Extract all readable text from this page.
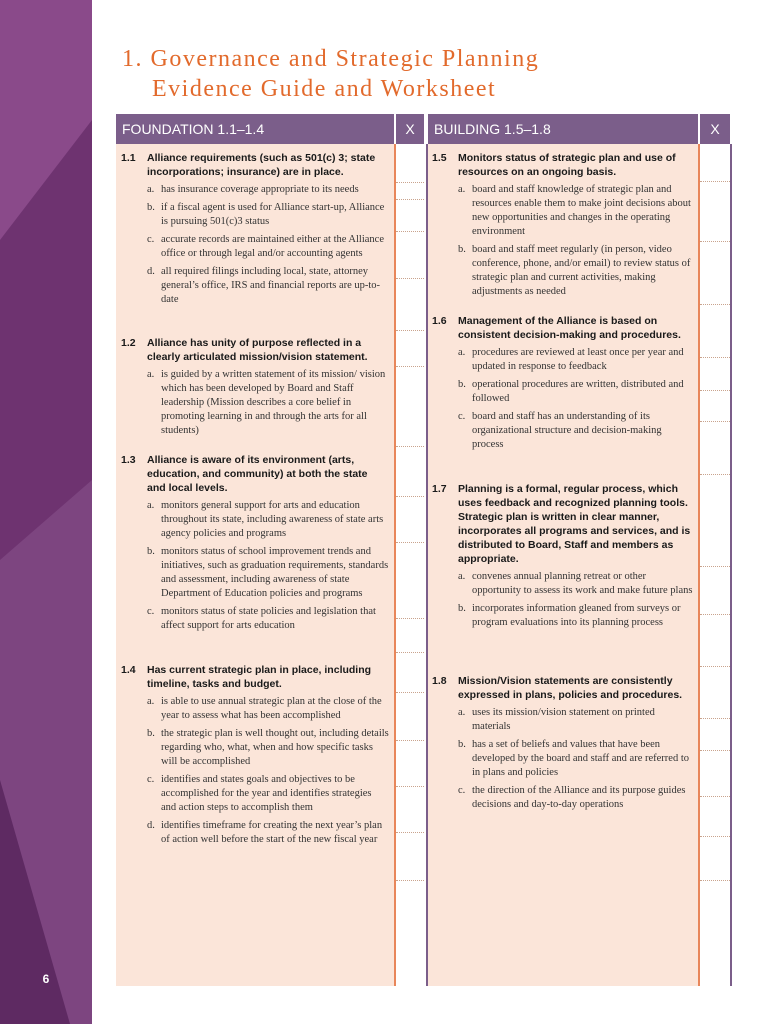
6
1. Governance and Strategic Planning
Evidence Guide and Worksheet
FOUNDATION 1.1–1.4	X	BUILDING 1.5–1.8	X
1.1	Alliance requirements (such as 501(c) 3; state incorporations; insurance) are in place.
a. has insurance coverage appropriate to its needs
b. if a fiscal agent is used for Alliance start-up, Alliance is pursuing 501(c)3 status
c. accurate records are maintained either at the Alliance office or through legal and/or accounting agents
d. all required filings including local, state, attorney general’s office, IRS and financial reports are up-to-date
1.2	Alliance has unity of purpose reflected in a clearly articulated mission/vision statement.
a. is guided by a written statement of its mission/ vision which has been developed by Board and Staff leadership (Mission describes a core belief in promoting learning in and through the arts for all students)
1.3	Alliance is aware of its environment (arts, education, and community) at both the state and local levels.
a. monitors general support for arts and education throughout its state, including awareness of state arts agency policies and programs
b. monitors status of school improvement trends and initiatives, such as graduation requirements, standards and assessment, including awareness of state Department of Education policies and programs
c. monitors status of state policies and legislation that affect support for arts education
1.4	Has current strategic plan in place, including timeline, tasks and budget.
a. is able to use annual strategic plan at the close of the year to assess what has been accomplished
b. the strategic plan is well thought out, including details regarding who, what, when and how specific tasks will be accomplished
c. identifies and states goals and objectives to be accomplished for the year and identifies strategies and action steps to accomplish them
d. identifies timeframe for creating the next year’s plan of action well before the start of the new fiscal year
1.5	Monitors status of strategic plan and use of resources on an ongoing basis.
a. board and staff knowledge of strategic plan and resources enable them to make joint decisions about new opportunities and changes in the operating environment
b. board and staff meet regularly (in person, video conference, phone, and/or email) to review status of strategic plan and current activities, making adjustments as needed
1.6	Management of the Alliance is based on consistent decision-making and procedures.
a. procedures are reviewed at least once per year and updated in response to feedback
b. operational procedures are written, distributed and followed
c. board and staff has an understanding of its organizational structure and decision-making process
1.7	Planning is a formal, regular process, which uses feedback and recognized planning tools. Strategic plan is written in clear manner, incorporates all programs and services, and is distributed to Board, Staff and members as appropriate.
a. convenes annual planning retreat or other opportunity to assess its work and make future plans
b. incorporates information gleaned from surveys or program evaluations into its planning process
1.8	Mission/Vision statements are consistently expressed in plans, policies and procedures.
a. uses its mission/vision statement on printed materials
b. has a set of beliefs and values that have been developed by the board and staff and are referred to in plans and policies
c. the direction of the Alliance and its purpose guides decisions and day-to-day operations
